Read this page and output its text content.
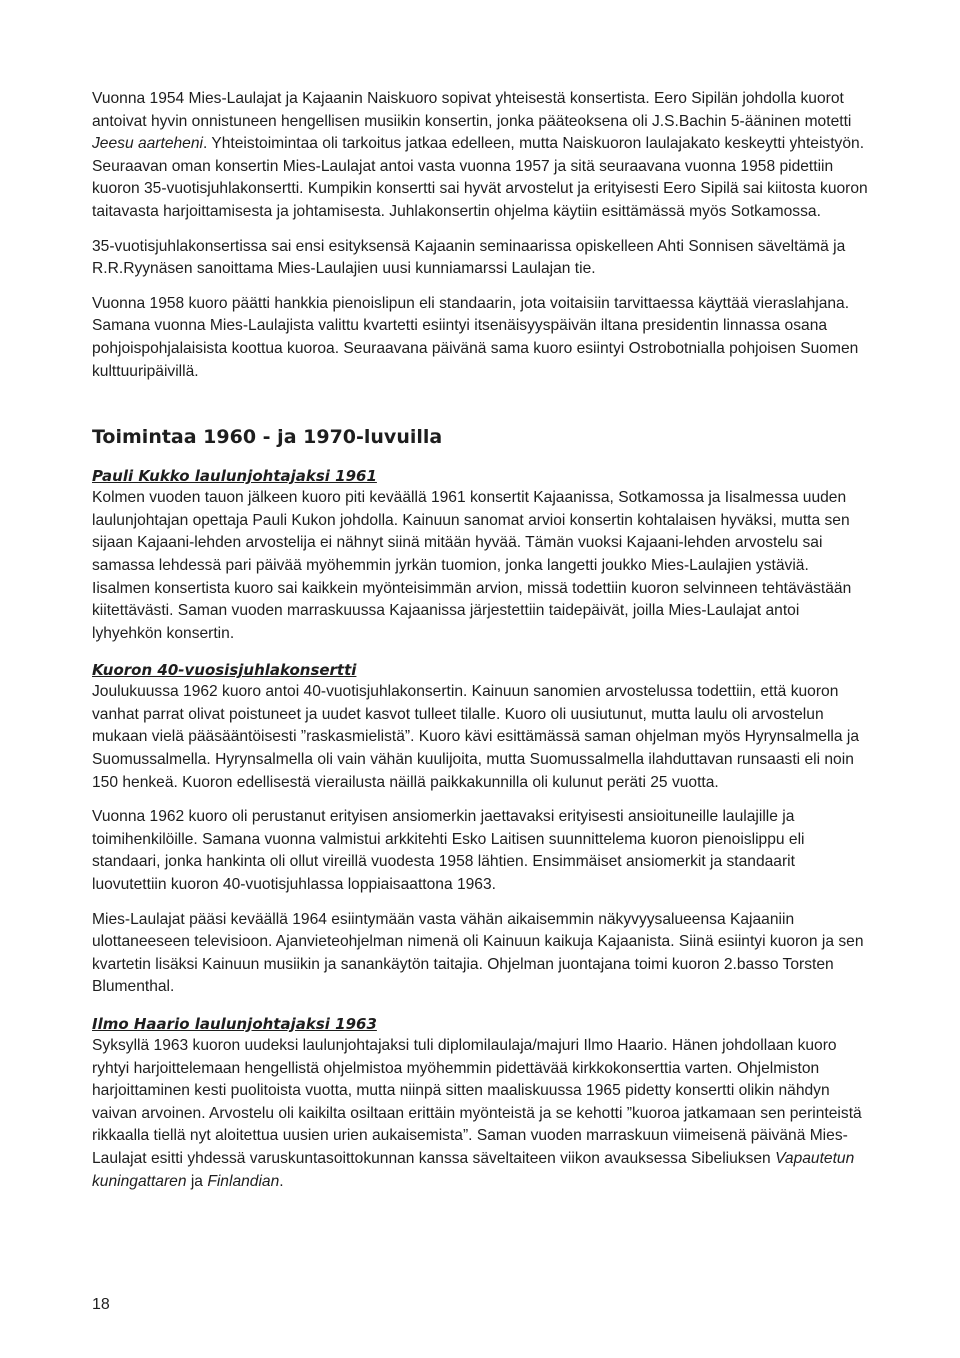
Vuonna 1954 Mies-Laulajat ja Kajaanin Naiskuoro sopivat yhteisestä konsertista. Eero Sipilän johdolla kuorot antoivat hyvin onnistuneen hengellisen musiikin konsertin, jonka pääteoksena oli J.S.Bachin 5-ääninen motetti Jeesu aarteheni. Yhteistoimintaa oli tarkoitus jatkaa edelleen, mutta Naiskuoron laulajakato keskeytti yhteistyön. Seuraavan oman konsertin Mies-Laulajat antoi vasta vuonna 1957 ja sitä seuraavana vuonna 1958 pidettiin kuoron 35-vuotisjuhlakonsertti. Kumpikin konsertti sai hyvät arvostelut ja erityisesti Eero Sipilä sai kiitosta kuoron taitavasta harjoittamisesta ja johtamisesta. Juhlakonsertin ohjelma käytiin esittämässä myös Sotkamossa.

35-vuotisjuhlakonsertissa sai ensi esityksensä Kajaanin seminaarissa opiskelleen Ahti Sonnisen säveltämä ja R.R.Ryynäsen sanoittama Mies-Laulajien uusi kunniamarssi Laulajan tie.

Vuonna 1958 kuoro päätti hankkia pienoislipun eli standaarin, jota voitaisiin tarvittaessa käyttää vieraslahjana. Samana vuonna Mies-Laulajista valittu kvartetti esiintyi itsenäisyyspäivän iltana presidentin linnassa osana pohjoispohjalaisista koottua kuoroa. Seuraavana päivänä sama kuoro esiintyi Ostrobotnialla pohjoisen Suomen kulttuuripäivillä.

Toimintaa 1960 - ja 1970-luvuilla
Pauli Kukko laulunjohtajaksi 1961

Kolmen vuoden tauon jälkeen kuoro piti keväällä 1961 konsertit Kajaanissa, Sotkamossa ja Iisalmessa uuden laulunjohtajan opettaja Pauli Kukon johdolla. Kainuun sanomat arvioi konsertin kohtalaisen hyväksi, mutta sen sijaan Kajaani-lehden arvostelija ei nähnyt siinä mitään hyvää. Tämän vuoksi Kajaani-lehden arvostelu sai samassa lehdessä pari päivää myöhemmin jyrkän tuomion, jonka langetti joukko Mies-Laulajien ystäviä. Iisalmen konsertista kuoro sai kaikkein myönteisimmän arvion, missä todettiin kuoron selvinneen tehtävästään kiitettävästi. Saman vuoden marraskuussa Kajaanissa järjestettiin taidepäivät, joilla Mies-Laulajat antoi lyhyehkön konsertin.

Kuoron 40-vuosisjuhlakonsertti

Joulukuussa 1962 kuoro antoi 40-vuotisjuhlakonsertin. Kainuun sanomien arvostelussa todettiin, että kuoron vanhat parrat olivat poistuneet ja uudet kasvot tulleet tilalle. Kuoro oli uusiutunut, mutta laulu oli arvostelun mukaan vielä pääsääntöisesti ”raskasmielistä”. Kuoro kävi esittämässä saman ohjelman myös Hyrynsalmella ja Suomussalmella. Hyrynsalmella oli vain vähän kuulijoita, mutta Suomussalmella ilahduttavan runsaasti eli noin 150 henkeä. Kuoron edellisestä vierailusta näillä paikkakunnilla oli kulunut peräti 25 vuotta.

Vuonna 1962 kuoro oli perustanut erityisen ansiomerkin jaettavaksi erityisesti ansioituneille laulajille ja toimihenkilöille. Samana vuonna valmistui arkkitehti Esko Laitisen suunnittelema kuoron pienoislippu eli standaari, jonka hankinta oli ollut vireillä vuodesta 1958 lähtien. Ensimmäiset ansiomerkit ja standaarit luovutettiin kuoron 40-vuotisjuhlassa loppiaisaattona 1963.

Mies-Laulajat pääsi keväällä 1964 esiintymään vasta vähän aikaisemmin näkyvyysalueensa Kajaaniin ulottaneeseen televisioon. Ajanvieteohjelman nimenä oli Kainuun kaikuja Kajaanista. Siinä esiintyi kuoron ja sen kvartetin lisäksi Kainuun musiikin ja sanankäytön taitajia. Ohjelman juontajana toimi kuoron 2.basso Torsten Blumenthal.

Ilmo Haario laulunjohtajaksi 1963

Syksyllä 1963 kuoron uudeksi laulunjohtajaksi tuli diplomilaulaja/majuri Ilmo Haario. Hänen johdollaan kuoro ryhtyi harjoittelemaan hengellistä ohjelmistoa myöhemmin pidettävää kirkkokonserttia varten. Ohjelmiston harjoittaminen kesti puolitoista vuotta, mutta niinpä sitten maaliskuussa 1965 pidetty konsertti olikin nähdyn vaivan arvoinen. Arvostelu oli kaikilta osiltaan erittäin myönteistä ja se kehotti ”kuoroa jatkamaan sen perinteistä rikkaalla tiellä nyt aloitettua uusien urien aukaisemista”. Saman vuoden marraskuun viimeisenä päivänä Mies-Laulajat esitti yhdessä varuskuntasoittokunnan kanssa säveltaiteen viikon avauksessa Sibeliuksen Vapautetun kuningattaren ja Finlandian.

18
